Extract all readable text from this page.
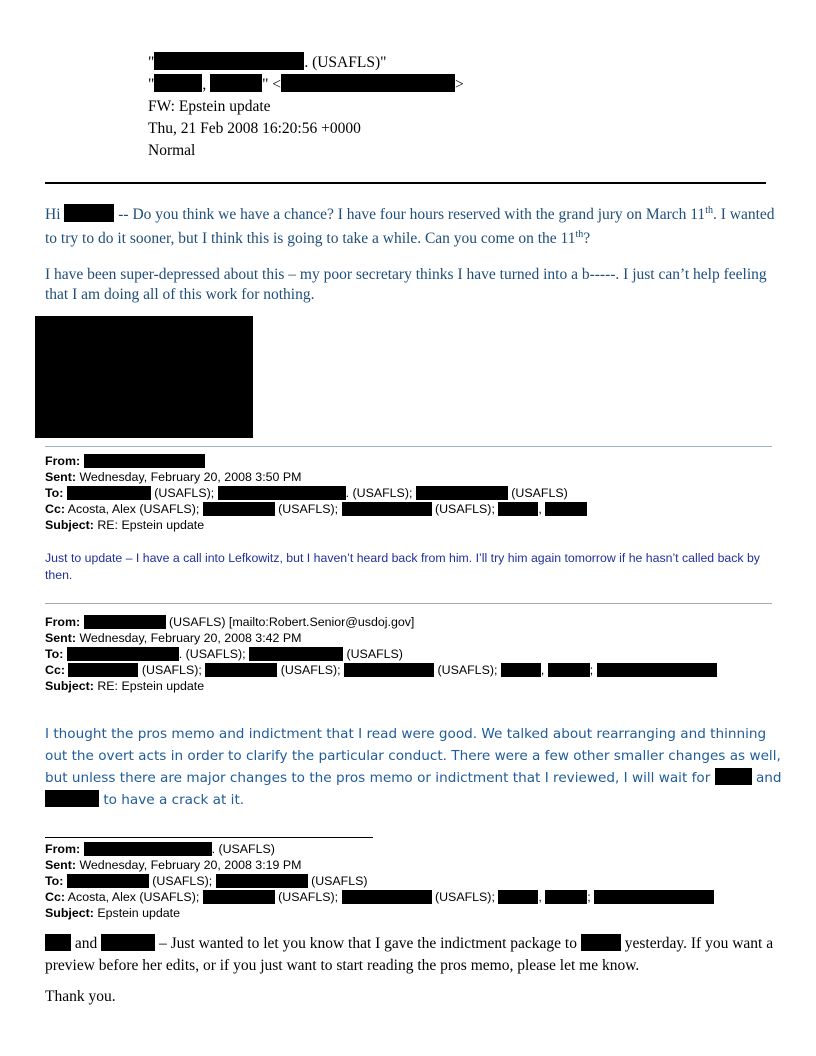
"	. (USAFLS)"
"	,	" <	>
FW: Epstein update
Thu, 21 Feb 2008 16:20:56 +0000
Normal
Hi	-- Do you think we have a chance? I have four hours reserved with the grand jury on March 11th. I wanted to try to do it sooner, but I think this is going to take a while. Can you come on the 11th?
I have been super-depressed about this – my poor secretary thinks I have turned into a b-----. I just can’t help feeling that I am doing all of this work for nothing.
From:
Sent: Wednesday, February 20, 2008 3:50 PM
To:	(USAFLS);	. (USAFLS);	(USAFLS)
Cc: Acosta, Alex (USAFLS);	(USAFLS);	(USAFLS);	,
Subject: RE: Epstein update
Just to update – I have a call into Lefkowitz, but I haven’t heard back from him. I’ll try him again tomorrow if he hasn’t called back by then.
From:	(USAFLS) [mailto:Robert.Senior@usdoj.gov]
Sent: Wednesday, February 20, 2008 3:42 PM
To:	. (USAFLS);	(USAFLS)
Cc:	(USAFLS);	(USAFLS);	(USAFLS);	,	;
Subject: RE: Epstein update
I thought the pros memo and indictment that I read were good. We talked about rearranging and thinning out the overt acts in order to clarify the particular conduct. There were a few other smaller changes as well, but unless there are major changes to the pros memo or indictment that I reviewed, I will wait for	and
to have a crack at it.
From:	. (USAFLS)
Sent: Wednesday, February 20, 2008 3:19 PM
To:	(USAFLS);	(USAFLS)
Cc: Acosta, Alex (USAFLS);	(USAFLS);	(USAFLS);	,	;
Subject: Epstein update
and	– Just wanted to let you know that I gave the indictment package to	yesterday. If you want a preview before her edits, or if you just want to start reading the pros memo, please let me know.
Thank you.
